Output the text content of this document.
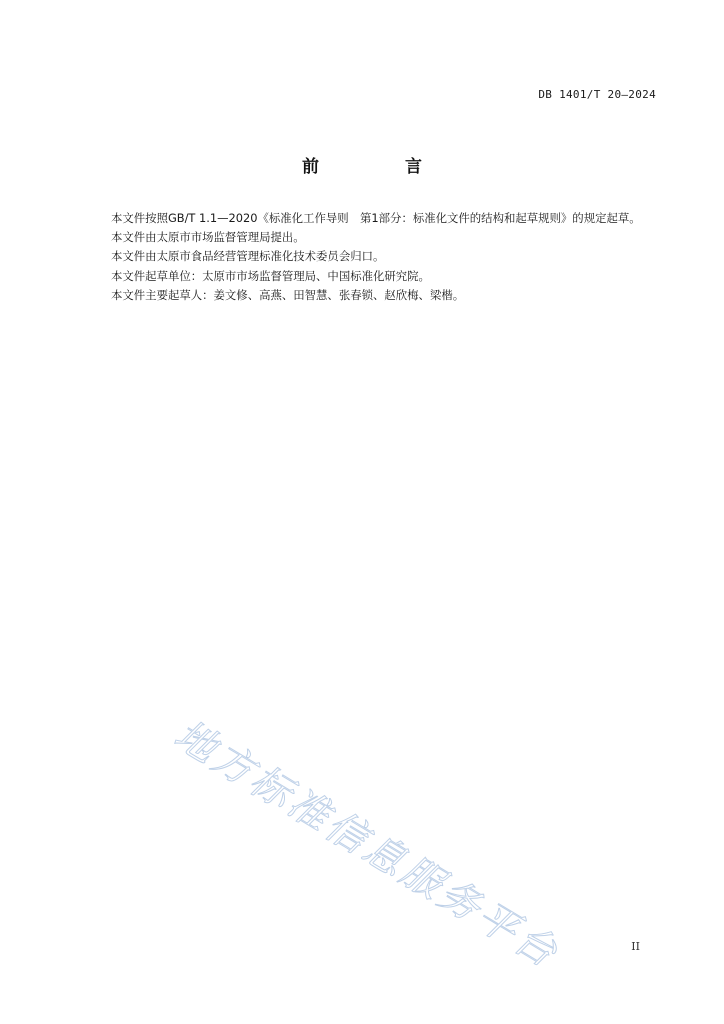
DB 1401/T 20—2024
前 言

本文件按照GB/T 1.1—2020《标准化工作导则　第1部分：标准化文件的结构和起草规则》的规定起草。

本文件由太原市市场监督管理局提出。

本文件由太原市食品经营管理标准化技术委员会归口。

本文件起草单位：太原市市场监督管理局、中国标准化研究院。

本文件主要起草人：姜文修、高燕、田智慧、张春锁、赵欣梅、梁楷。

地方标准信息服务平台	II
